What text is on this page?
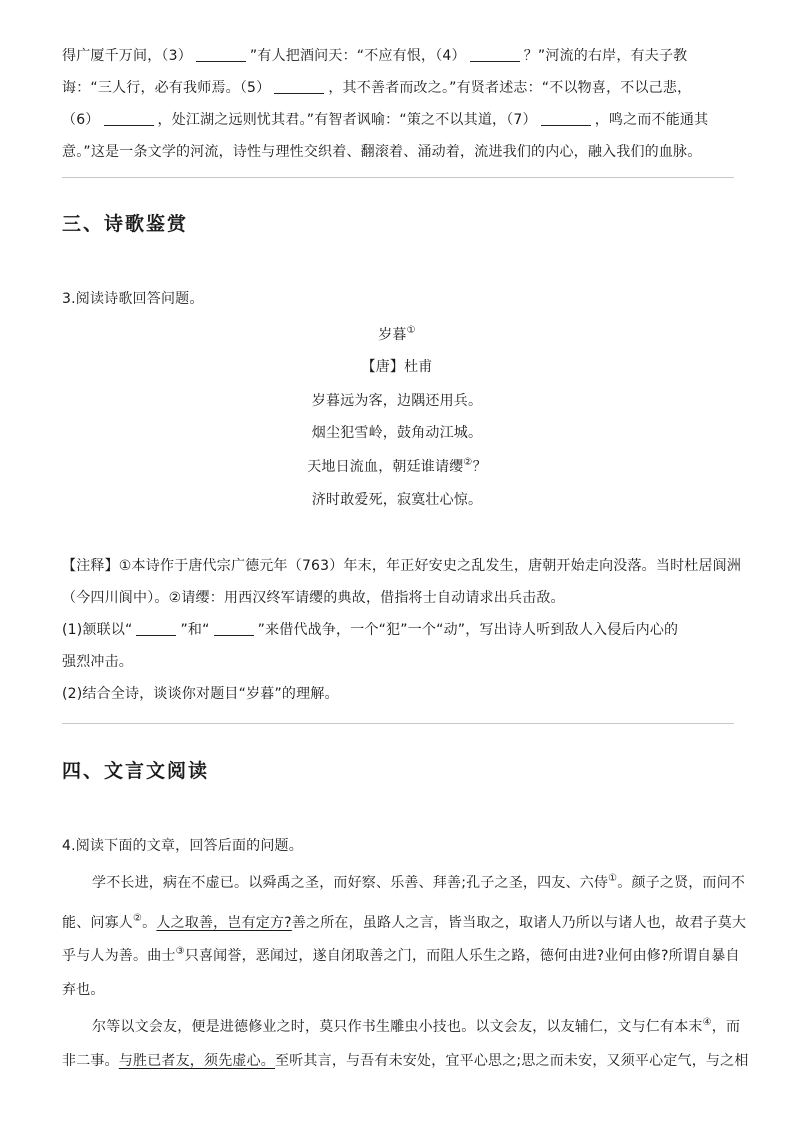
得广厦千万间，（3）	”有人把酒问天：“不应有恨，（4）	？”河流的右岸，有夫子教
诲：“三人行，必有我师焉。（5）	，其不善者而改之。”有贤者述志：“不以物喜，不以己悲，
（6）	，处江湖之远则忧其君。”有智者讽喻：“策之不以其道，（7）	，鸣之而不能通其
意。”这是一条文学的河流，诗性与理性交织着、翻滚着、涌动着，流进我们的内心，融入我们的血脉。
三、诗歌鉴赏
3.阅读诗歌回答问题。
岁暮①
【唐】杜甫
岁暮远为客，边隅还用兵。
烟尘犯雪岭，鼓角动江城。
天地日流血，朝廷谁请缨②？
济时敢爱死，寂寞壮心惊。
【注释】①本诗作于唐代宗广德元年（763）年末，年正好安史之乱发生，唐朝开始走向没落。当时杜居阆洲
（今四川阆中）。②请缨：用西汉终军请缨的典故，借指将士自动请求出兵击敌。
(1)颔联以“	”和“	”来借代战争，一个“犯”一个“动”，写出诗人听到敌人入侵后内心的
强烈冲击。
(2)结合全诗，谈谈你对题目“岁暮”的理解。
四、文言文阅读
4.阅读下面的文章，回答后面的问题。
学不长进，病在不虚已。以舜禹之圣，而好察、乐善、拜善;孔子之圣，四友、六侍①。颜子之贤，而问不
能、问寡人②。人之取善，岂有定方?善之所在，虽路人之言，皆当取之，取诸人乃所以与诸人也，故君子莫大
乎与人为善。曲士③只喜闻誉，恶闻过，遂自闭取善之门，而阻人乐生之路，德何由进?业何由修?所谓自暴自
弃也。
尔等以文会友，便是进德修业之时，莫只作书生雕虫小技也。以文会友，以友辅仁，文与仁有本末④，而
非二事。与胜已者友，须先虚心。至听其言，与吾有未安处，宜平心思之;思之而未安，又须平心定气，与之相
